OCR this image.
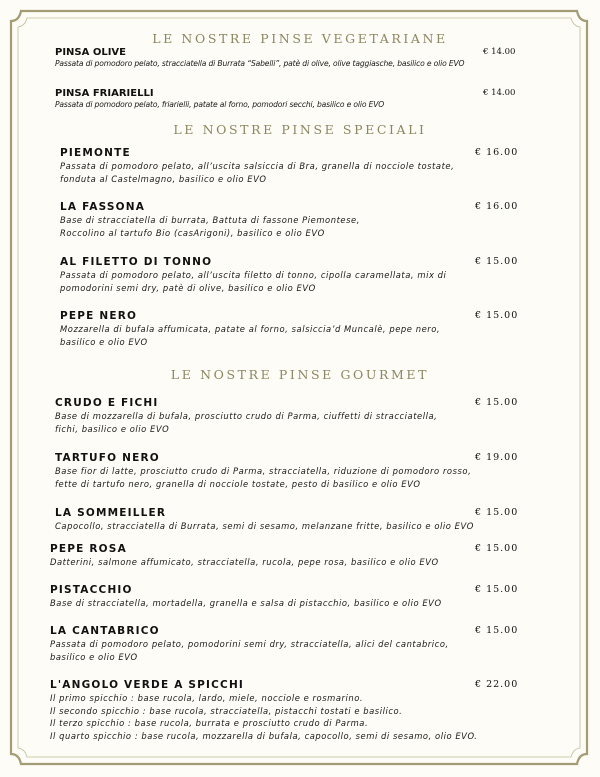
LE NOSTRE PINSE VEGETARIANE
PINSA OLIVE	€ 14.00
Passata di pomodoro pelato, stracciatella di Burrata “Sabelli”, patè di olive, olive taggiasche, basilico e olio EVO
PINSA FRIARIELLI	€ 14.00
Passata di pomodoro pelato, friarielli, patate al forno, pomodori secchi, basilico e olio EVO
LE NOSTRE PINSE SPECIALI
PIEMONTE	€ 16.00
Passata di pomodoro pelato, all’uscita salsiccia di Bra, granella di nocciole tostate,
fonduta al Castelmagno, basilico e olio EVO
LA FASSONA	€ 16.00
Base di stracciatella di burrata, Battuta di fassone Piemontese,
Roccolino al tartufo Bio (casArigoni), basilico e olio EVO
AL FILETTO DI TONNO	€ 15.00
Passata di pomodoro pelato, all’uscita filetto di tonno, cipolla caramellata, mix di
pomodorini semi dry, patè di olive, basilico e olio EVO
PEPE NERO	€ 15.00
Mozzarella di bufala affumicata, patate al forno, salsiccia’d Muncalè, pepe nero,
basilico e olio EVO
LE NOSTRE PINSE GOURMET
CRUDO E FICHI	€ 15.00
Base di mozzarella di bufala, prosciutto crudo di Parma, ciuffetti di stracciatella,
fichi, basilico e olio EVO
TARTUFO NERO	€ 19.00
Base fior di latte, prosciutto crudo di Parma, stracciatella, riduzione di pomodoro rosso,
fette di tartufo nero, granella di nocciole tostate, pesto di basilico e olio EVO
LA SOMMEILLER	€ 15.00
Capocollo, stracciatella di Burrata, semi di sesamo, melanzane fritte, basilico e olio EVO
PEPE ROSA	€ 15.00
Datterini, salmone affumicato, stracciatella, rucola, pepe rosa, basilico e olio EVO
PISTACCHIO	€ 15.00
Base di stracciatella, mortadella, granella e salsa di pistacchio, basilico e olio EVO
LA CANTABRICO	€ 15.00
Passata di pomodoro pelato, pomodorini semi dry, stracciatella, alici del cantabrico,
basilico e olio EVO
L'ANGOLO VERDE A SPICCHI	€ 22.00
Il primo spicchio : base rucola, lardo, miele, nocciole e rosmarino.
Il secondo spicchio : base rucola, stracciatella, pistacchi tostati e basilico.
Il terzo spicchio : base rucola, burrata e prosciutto crudo di Parma.
Il quarto spicchio : base rucola, mozzarella di bufala, capocollo, semi di sesamo, olio EVO.
